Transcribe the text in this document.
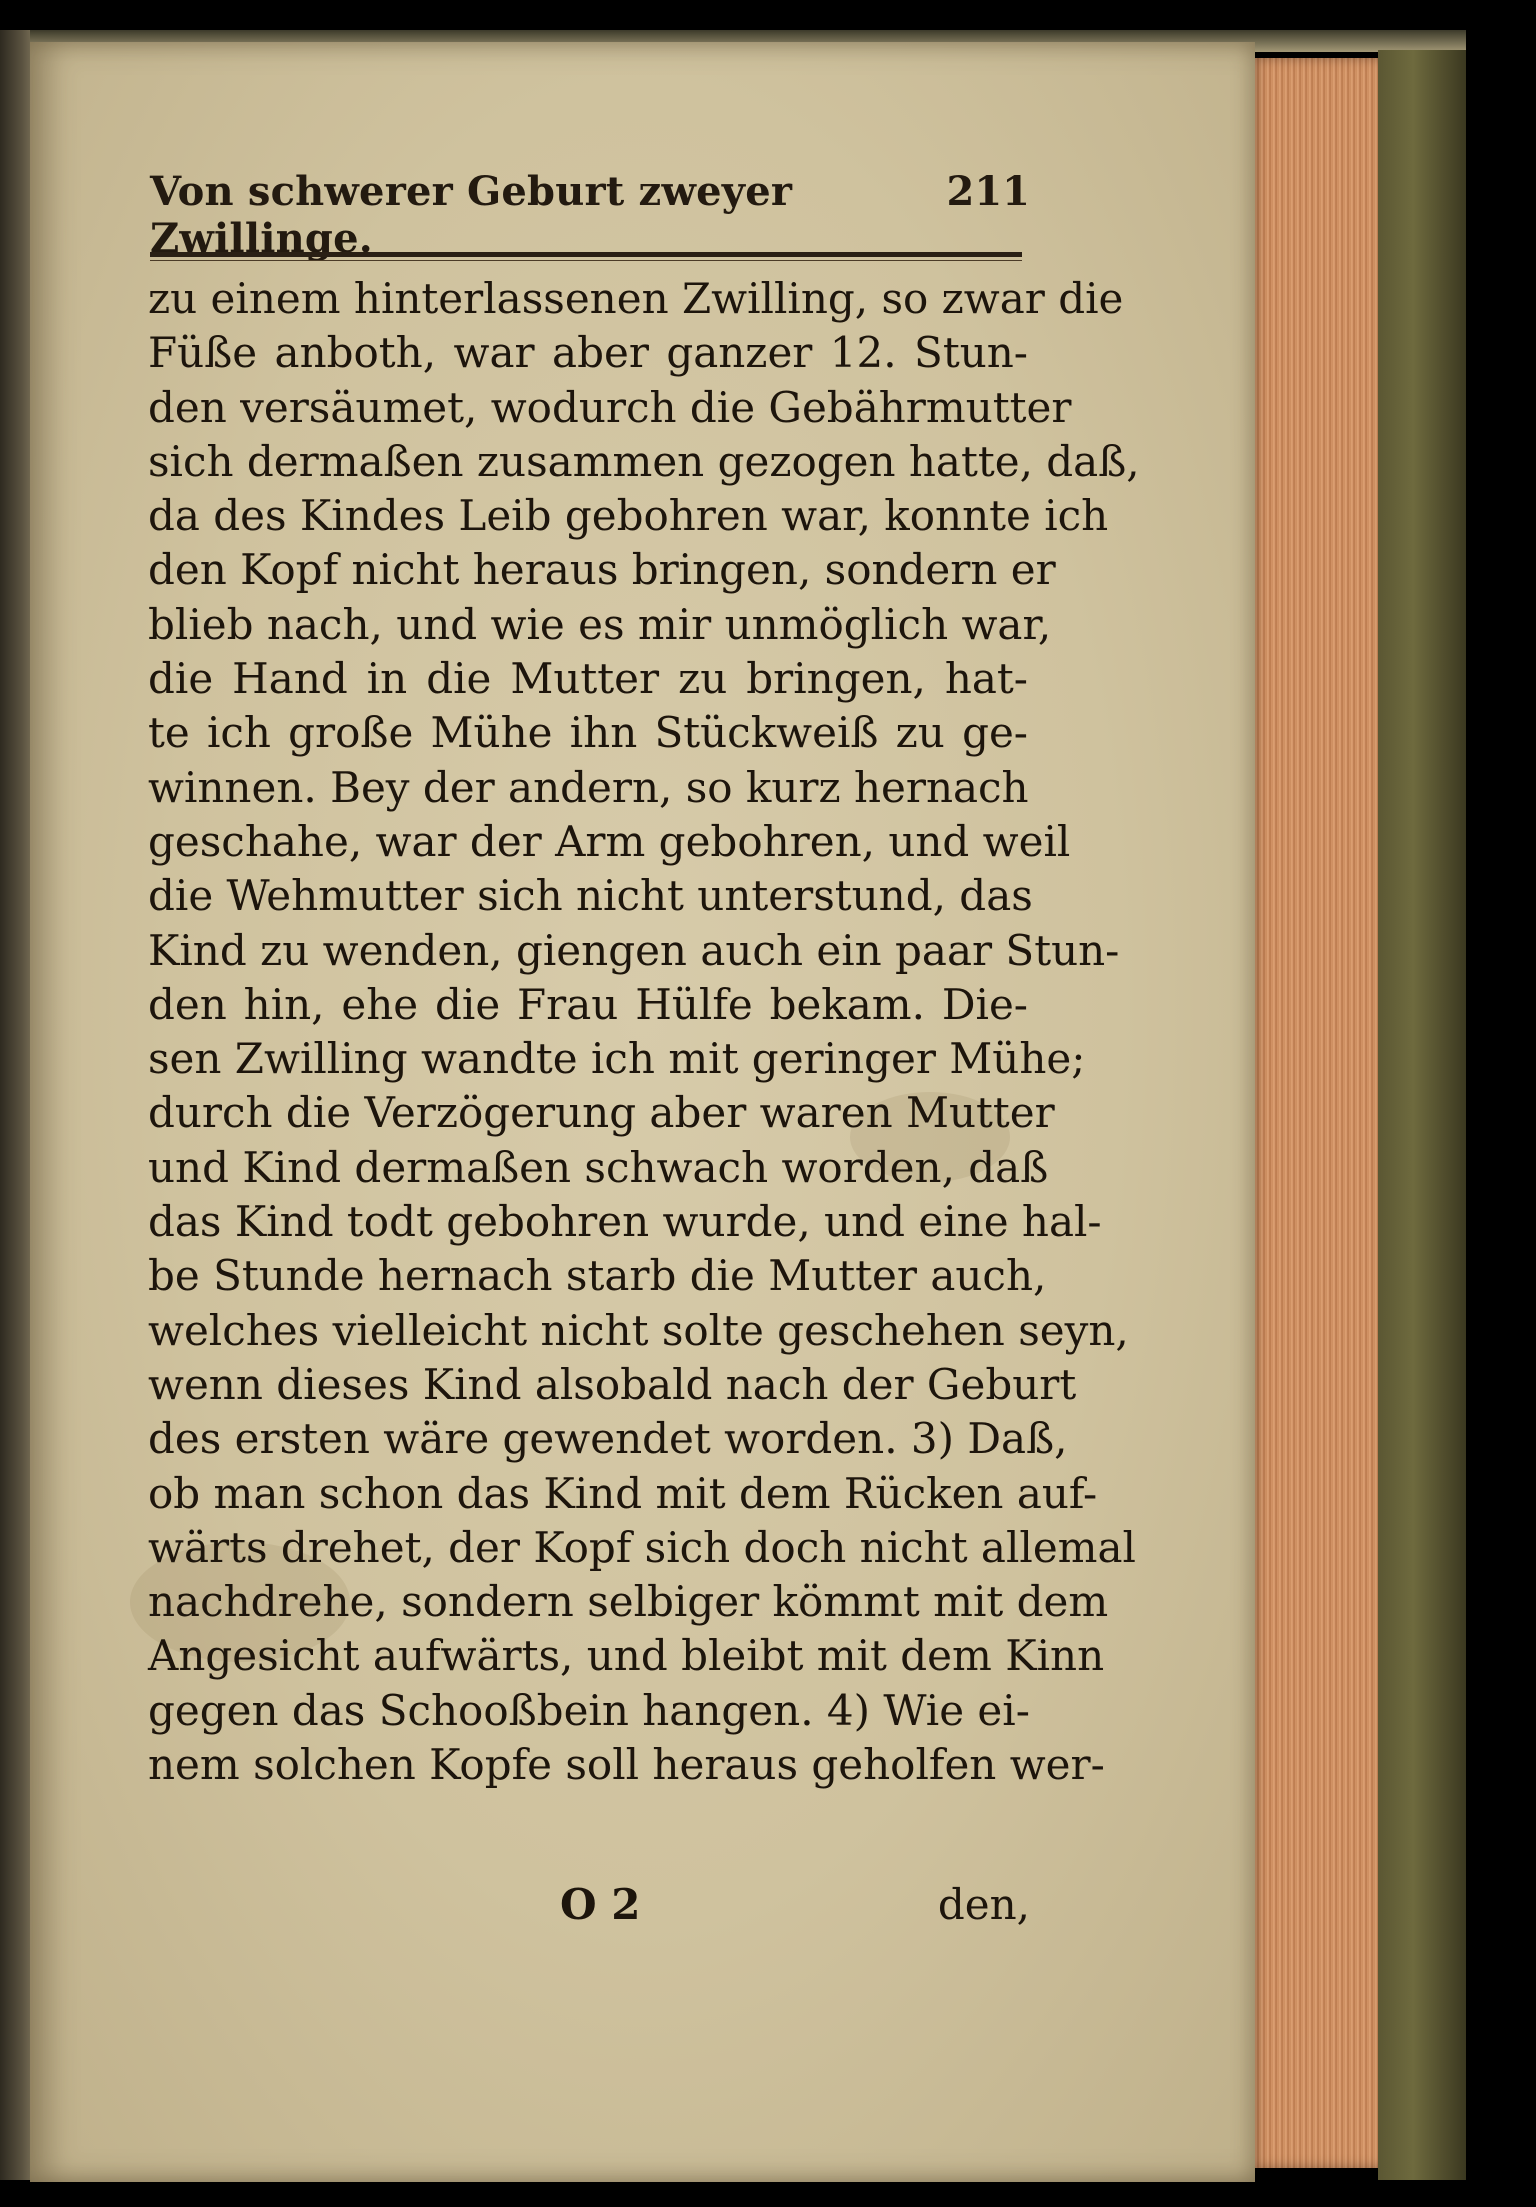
Von schwerer Geburt zweyer Zwillinge.
211
zu einem hinterlassenen Zwilling, so zwar die
Füße anboth, war aber ganzer 12. Stun-
den versäumet, wodurch die Gebährmutter
sich dermaßen zusammen gezogen hatte, daß,
da des Kindes Leib gebohren war, konnte ich
den Kopf nicht heraus bringen, sondern er
blieb nach, und wie es mir unmöglich war,
die Hand in die Mutter zu bringen, hat-
te ich große Mühe ihn Stückweiß zu ge-
winnen. Bey der andern, so kurz hernach
geschahe, war der Arm gebohren, und weil
die Wehmutter sich nicht unterstund, das
Kind zu wenden, giengen auch ein paar Stun-
den hin, ehe die Frau Hülfe bekam. Die-
sen Zwilling wandte ich mit geringer Mühe;
durch die Verzögerung aber waren Mutter
und Kind dermaßen schwach worden, daß
das Kind todt gebohren wurde, und eine hal-
be Stunde hernach starb die Mutter auch,
welches vielleicht nicht solte geschehen seyn,
wenn dieses Kind alsobald nach der Geburt
des ersten wäre gewendet worden. 3) Daß,
ob man schon das Kind mit dem Rücken auf-
wärts drehet, der Kopf sich doch nicht allemal
nachdrehe, sondern selbiger kömmt mit dem
Angesicht aufwärts, und bleibt mit dem Kinn
gegen das Schooßbein hangen. 4) Wie ei-
nem solchen Kopfe soll heraus geholfen wer-
O 2	den,
